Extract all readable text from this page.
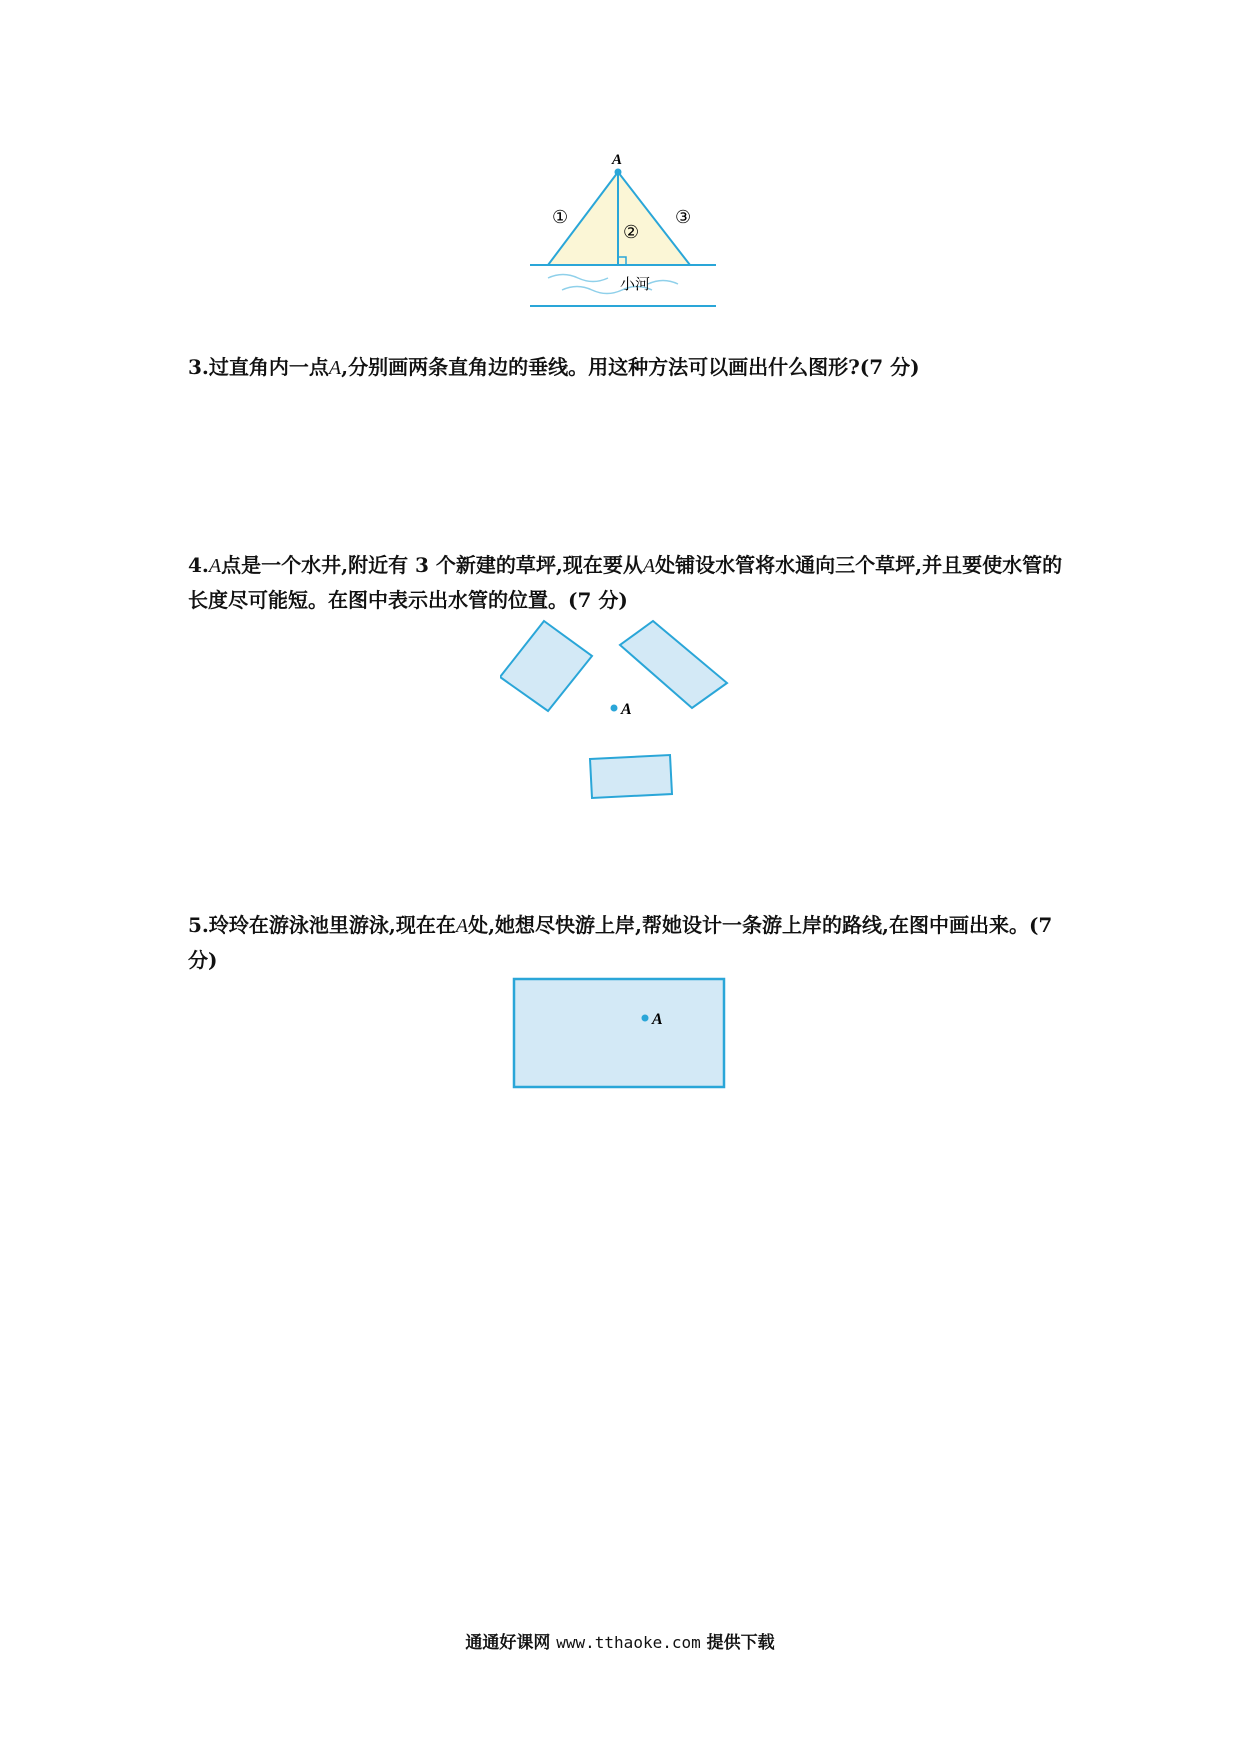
A
①
②
③
小河

3.过直角内一点A,分别画两条直角边的垂线。用这种方法可以画出什么图形?(7 分)

4.A点是一个水井,附近有 3 个新建的草坪,现在要从A处铺设水管将水通向三个草坪,并且要使水管的长度尽可能短。在图中表示出水管的位置。(7 分)

A

5.玲玲在游泳池里游泳,现在在A处,她想尽快游上岸,帮她设计一条游上岸的路线,在图中画出来。(7 分)

A
通通好课网 www.tthaoke.com 提供下载
